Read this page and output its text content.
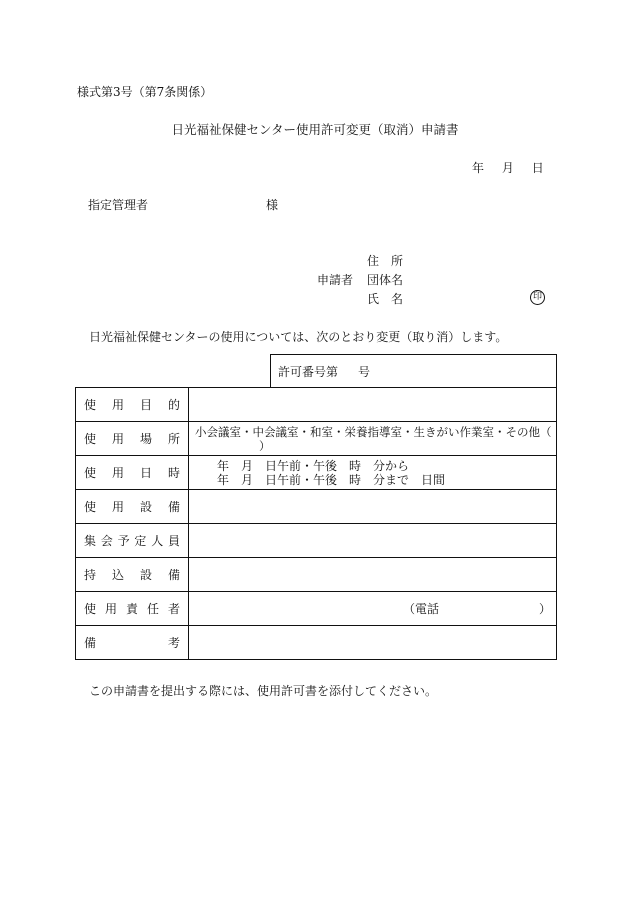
様式第3号（第7条関係）
日光福祉保健センター使用許可変更（取消）申請書
年 月 日
指定管理者	様
住　所
申請者 団体名
氏　名	印
日光福祉保健センターの使用については、次のとおり変更（取り消）します。
許可番号第 号
使用目的	
使用場所	小会議室・中会議室・和室・栄養指導室・生きがい作業室・その他（
）

使用日時	年　月　日午前・午後　時　分から
年　月　日午前・午後　時　分まで　日間

使用設備	
集会予定人員	
持込設備	
使用責任者	（電話 ）
備考	
この申請書を提出する際には、使用許可書を添付してください。
